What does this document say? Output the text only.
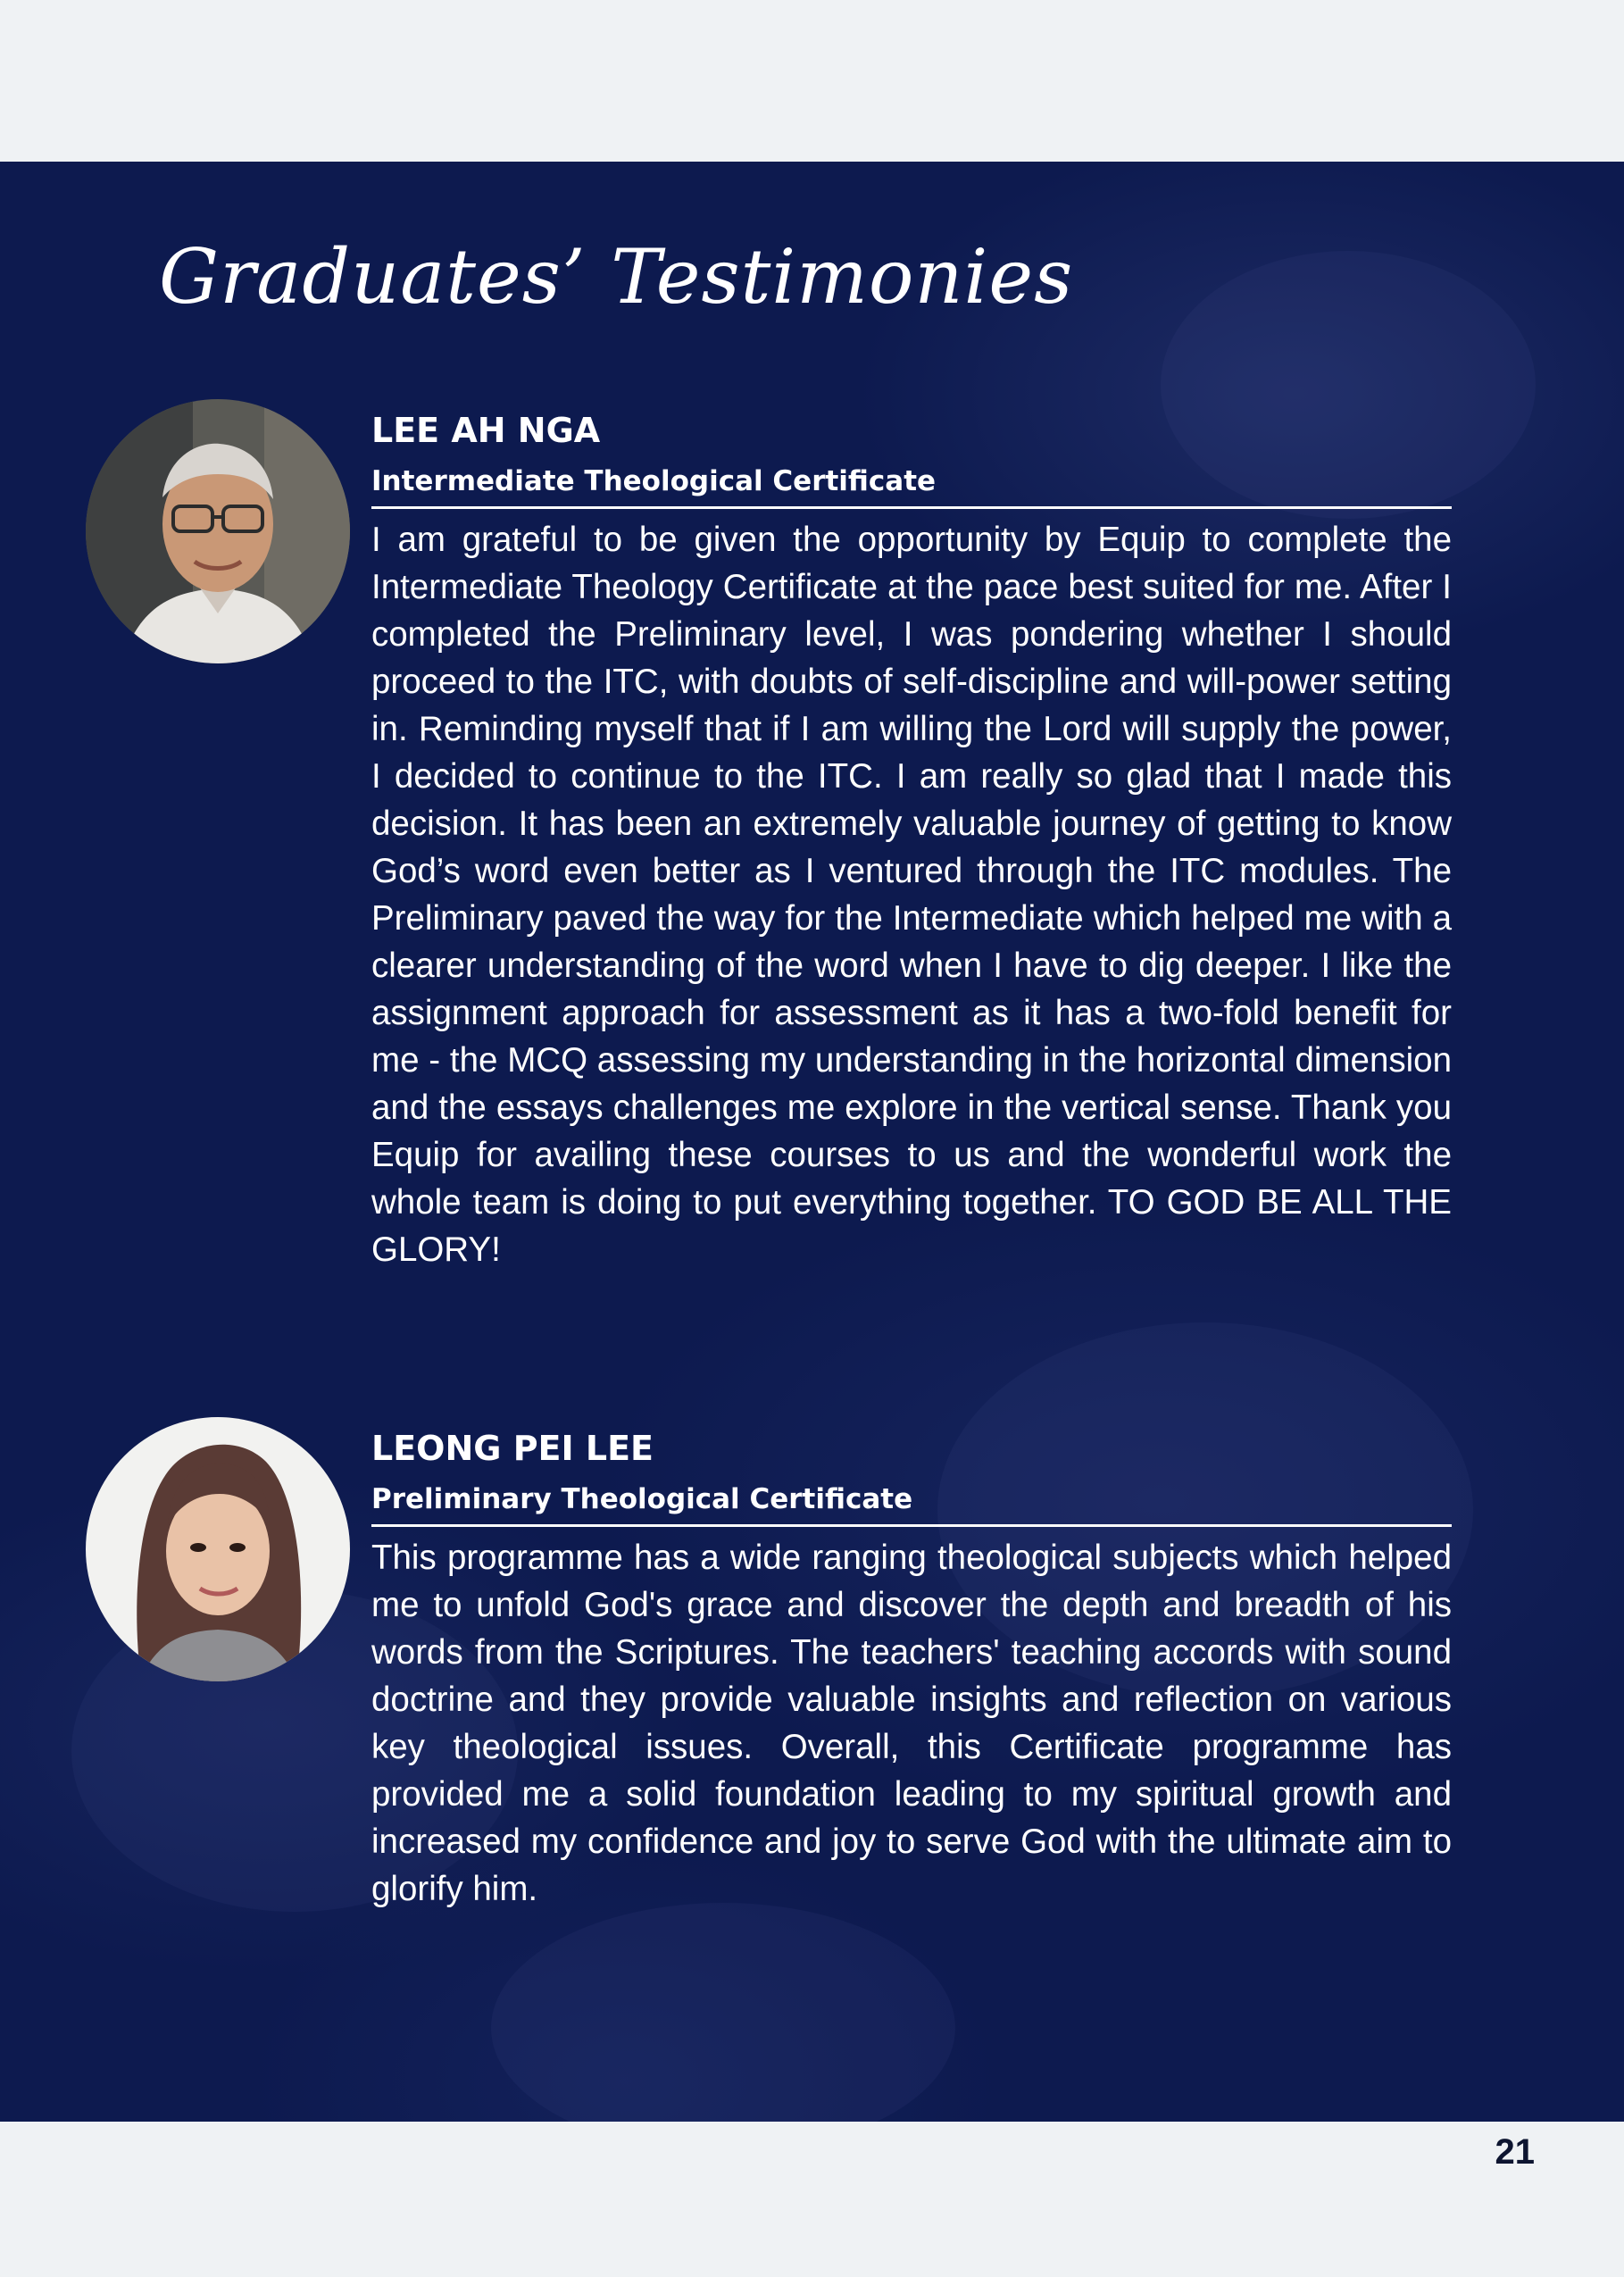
Graduates’ Testimonies
LEE AH NGA
Intermediate Theological Certificate
I am grateful to be given the opportunity by Equip to complete the Intermediate Theology Certificate at the pace best suited for me. After I completed the Preliminary level, I was pondering whether I should proceed to the ITC, with doubts of self-discipline and will-power setting in. Reminding myself that if I am willing the Lord will supply the power, I decided to continue to the ITC. I am really so glad that I made this decision. It has been an extremely valuable journey of getting to know God’s word even better as I ventured through the ITC modules. The Preliminary paved the way for the Intermediate which helped me with a clearer understanding of the word when I have to dig deeper. I like the assignment approach for assessment as it has a two-fold benefit for me - the MCQ assessing my understanding in the horizontal dimension and the essays challenges me explore in the vertical sense. Thank you Equip for availing these courses to us and the wonderful work the whole team is doing to put everything together. TO GOD BE ALL THE GLORY!
LEONG PEI LEE
Preliminary Theological Certificate
This programme has a wide ranging theological subjects which helped me to unfold God's grace and discover the depth and breadth of his words from the Scriptures. The teachers' teaching accords with sound doctrine and they provide valuable insights and reflection on various key theological issues. Overall, this Certificate programme has provided me a solid foundation leading to my spiritual growth and increased my confidence and joy to serve God with the ultimate aim to glorify him.
21
